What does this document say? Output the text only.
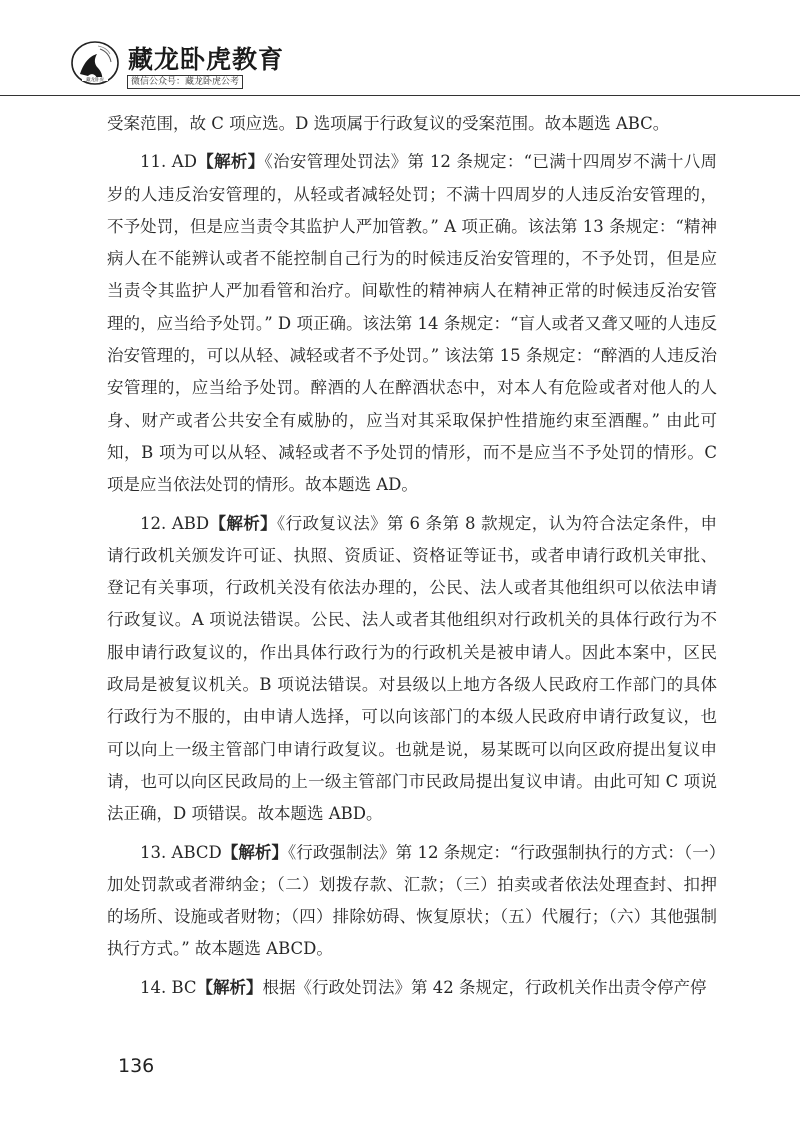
藏龙卧虎
藏龙卧虎教育
微信公众号：藏龙卧虎公考

受案范围，故 C 项应选。D 选项属于行政复议的受案范围。故本题选 ABC。

11. AD【解析】《治安管理处罚法》第 12 条规定：“已满十四周岁不满十八周岁的人违反治安管理的，从轻或者减轻处罚；不满十四周岁的人违反治安管理的，不予处罚，但是应当责令其监护人严加管教。” A 项正确。该法第 13 条规定：“精神病人在不能辨认或者不能控制自己行为的时候违反治安管理的，不予处罚，但是应当责令其监护人严加看管和治疗。间歇性的精神病人在精神正常的时候违反治安管理的，应当给予处罚。” D 项正确。该法第 14 条规定：“盲人或者又聋又哑的人违反治安管理的，可以从轻、减轻或者不予处罚。” 该法第 15 条规定：“醉酒的人违反治安管理的，应当给予处罚。醉酒的人在醉酒状态中，对本人有危险或者对他人的人身、财产或者公共安全有威胁的，应当对其采取保护性措施约束至酒醒。” 由此可知，B 项为可以从轻、减轻或者不予处罚的情形，而不是应当不予处罚的情形。C 项是应当依法处罚的情形。故本题选 AD。

12. ABD【解析】《行政复议法》第 6 条第 8 款规定，认为符合法定条件，申请行政机关颁发许可证、执照、资质证、资格证等证书，或者申请行政机关审批、登记有关事项，行政机关没有依法办理的，公民、法人或者其他组织可以依法申请行政复议。A 项说法错误。公民、法人或者其他组织对行政机关的具体行政行为不服申请行政复议的，作出具体行政行为的行政机关是被申请人。因此本案中，区民政局是被复议机关。B 项说法错误。对县级以上地方各级人民政府工作部门的具体行政行为不服的，由申请人选择，可以向该部门的本级人民政府申请行政复议，也可以向上一级主管部门申请行政复议。也就是说，易某既可以向区政府提出复议申请，也可以向区民政局的上一级主管部门市民政局提出复议申请。由此可知 C 项说法正确，D 项错误。故本题选 ABD。

13. ABCD【解析】《行政强制法》第 12 条规定：“行政强制执行的方式：（一）加处罚款或者滞纳金；（二）划拨存款、汇款；（三）拍卖或者依法处理查封、扣押的场所、设施或者财物；（四）排除妨碍、恢复原状；（五）代履行；（六）其他强制执行方式。” 故本题选 ABCD。

14. BC【解析】根据《行政处罚法》第 42 条规定，行政机关作出责令停产停

136
